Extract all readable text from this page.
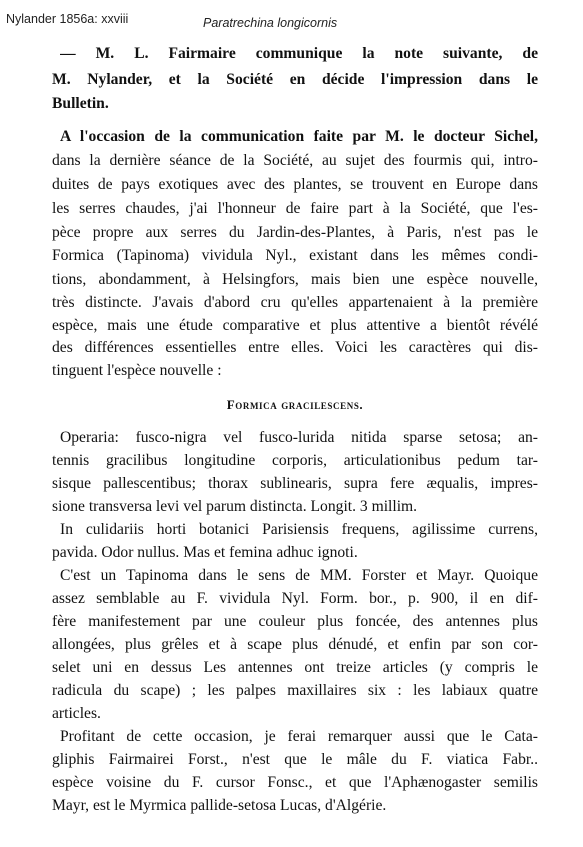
Nylander 1856a: xxviii	Paratrechina longicornis
— M. L. Fairmaire communique la note suivante, de
M. Nylander, et la Société en décide l'impression dans le
Bulletin.
A l'occasion de la communication faite par M. le docteur Sichel,
dans la dernière séance de la Société, au sujet des fourmis qui, intro-
duites de pays exotiques avec des plantes, se trouvent en Europe dans
les serres chaudes, j'ai l'honneur de faire part à la Société, que l'es-
pèce propre aux serres du Jardin-des-Plantes, à Paris, n'est pas le
Formica (Tapinoma) vividula Nyl., existant dans les mêmes condi-
tions, abondamment, à Helsingfors, mais bien une espèce nouvelle,
très distincte. J'avais d'abord cru qu'elles appartenaient à la première
espèce, mais une étude comparative et plus attentive a bientôt révélé
des différences essentielles entre elles. Voici les caractères qui dis-
tinguent l'espèce nouvelle :
Formica gracilescens.
Operaria: fusco-nigra vel fusco-lurida nitida sparse setosa; an-
tennis gracilibus longitudine corporis, articulationibus pedum tar-
sisque pallescentibus; thorax sublinearis, supra fere æqualis, impres-
sione transversa levi vel parum distincta. Longit. 3 millim.
In culidariis horti botanici Parisiensis frequens, agilissime currens,
pavida. Odor nullus. Mas et femina adhuc ignoti.
C'est un Tapinoma dans le sens de MM. Forster et Mayr. Quoique
assez semblable au F. vividula Nyl. Form. bor., p. 900, il en dif-
fère manifestement par une couleur plus foncée, des antennes plus
allongées, plus grêles et à scape plus dénudé, et enfin par son cor-
selet uni en dessus Les antennes ont treize articles (y compris le
radicula du scape) ; les palpes maxillaires six : les labiaux quatre
articles.
Profitant de cette occasion, je ferai remarquer aussi que le Cata-
gliphis Fairmairei Forst., n'est que le mâle du F. viatica Fabr..
espèce voisine du F. cursor Fonsc., et que l'Aphænogaster semilis
Mayr, est le Myrmica pallide-setosa Lucas, d'Algérie.
